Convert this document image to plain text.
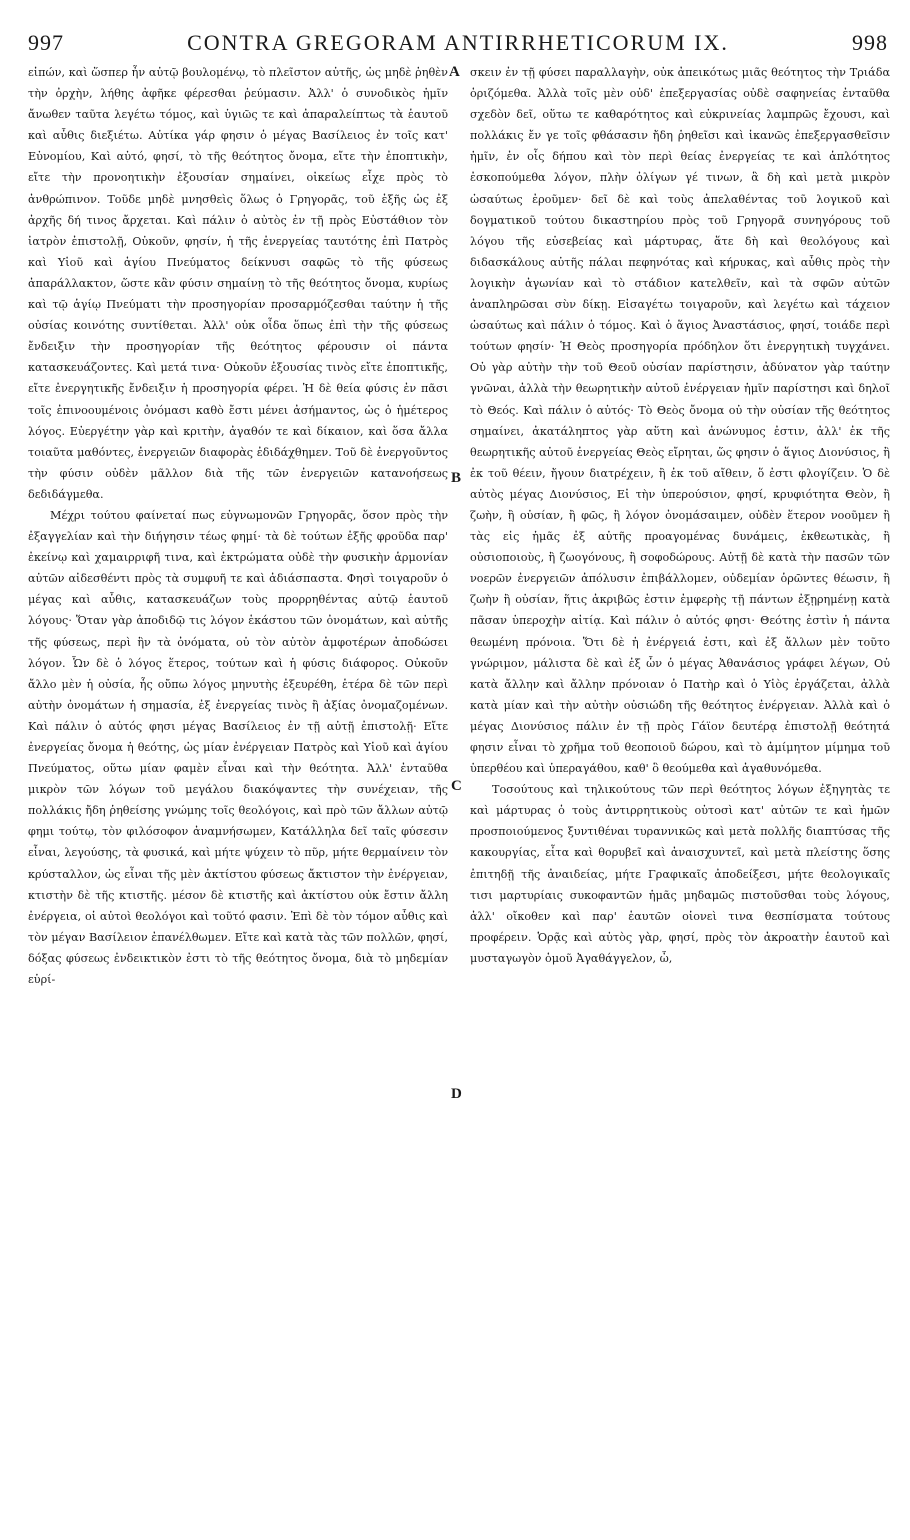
997	CONTRA GREGORAM ANTIRRHETICORUM IX.	998

εἰπών, καὶ ὥσπερ ἦν αὐτῷ βουλομένῳ, τὸ πλεῖστον αὐτῆς, ὡς μηδὲ ῥηθὲν τὴν ὀρχὴν, λήθης ἀφῆκε φέρεσθαι ῥεύμασιν. Ἀλλ' ὁ συνοδικὸς ἡμῖν ἄνωθεν ταῦτα λεγέτω τόμος, καὶ ὑγιῶς τε καὶ ἀπαραλείπτως τὰ ἑαυτοῦ καὶ αὖθις διεξιέτω. Αὐτίκα γάρ φησιν ὁ μέγας Βασίλειος ἐν τοῖς κατ' Εὐνομίου, Καὶ αὐτό, φησί, τὸ τῆς θεότητος ὄνομα, εἴτε τὴν ἐποπτικὴν, εἴτε τὴν προνοητικὴν ἐξουσίαν σημαίνει, οἰκείως εἶχε πρὸς τὸ ἀνθρώπινον. Τοῦδε μηδὲ μνησθεὶς ὅλως ὁ Γρηγορᾶς, τοῦ ἑξῆς ὡς ἐξ ἀρχῆς δή τινος ἄρχεται. Καὶ πάλιν ὁ αὐτὸς ἐν τῇ πρὸς Εὐστάθιον τὸν ἰατρὸν ἐπιστολῇ, Οὐκοῦν, φησίν, ἡ τῆς ἐνεργείας ταυτότης ἐπὶ Πατρὸς καὶ Υἱοῦ καὶ ἁγίου Πνεύματος δείκνυσι σαφῶς τὸ τῆς φύσεως ἀπαράλλακτον, ὥστε κἂν φύσιν σημαίνῃ τὸ τῆς θεότητος ὄνομα, κυρίως καὶ τῷ ἁγίῳ Πνεύματι τὴν προσηγορίαν προσαρμόζεσθαι ταύτην ἡ τῆς οὐσίας κοινότης συντίθεται. Ἀλλ' οὐκ οἶδα ὅπως ἐπὶ τὴν τῆς φύσεως ἔνδειξιν τὴν προσηγορίαν τῆς θεότητος φέρουσιν οἱ πάντα κατασκευάζοντες. Καὶ μετά τινα· Οὐκοῦν ἐξουσίας τινὸς εἴτε ἐποπτικῆς, εἴτε ἐνεργητικῆς ἔνδειξιν ἡ προσηγορία φέρει. Ἡ δὲ θεία φύσις ἐν πᾶσι τοῖς ἐπινοουμένοις ὀνόμασι καθὸ ἔστι μένει ἀσήμαντος, ὡς ὁ ἡμέτερος λόγος. Εὐεργέτην γὰρ καὶ κριτὴν, ἀγαθόν τε καὶ δίκαιον, καὶ ὅσα ἄλλα τοιαῦτα μαθόντες, ἐνεργειῶν διαφορὰς ἐδιδάχθημεν. Τοῦ δὲ ἐνεργοῦντος τὴν φύσιν οὐδὲν μᾶλλον διὰ τῆς τῶν ἐνεργειῶν κατανοήσεως δεδιδάγμεθα.

Μέχρι τούτου φαίνεταί πως εὐγνωμονῶν Γρηγορᾶς, ὅσον πρὸς τὴν ἐξαγγελίαν καὶ τὴν διήγησιν τέως φημί· τὰ δὲ τούτων ἑξῆς φροῦδα παρ' ἐκείνῳ καὶ χαμαιρριφῆ τινα, καὶ ἐκτρώματα οὐδὲ τὴν φυσικὴν ἁρμονίαν αὐτῶν αἰδεσθέντι πρὸς τὰ συμφυῆ τε καὶ ἀδιάσπαστα. Φησὶ τοιγαροῦν ὁ μέγας καὶ αὖθις, κατασκευάζων τοὺς προρρηθέντας αὐτῷ ἑαυτοῦ λόγους· Ὅταν γὰρ ἀποδιδῷ τις λόγον ἑκάστου τῶν ὀνομάτων, καὶ αὐτῆς τῆς φύσεως, περὶ ἣν τὰ ὀνόματα, οὐ τὸν αὐτὸν ἀμφοτέρων ἀποδώσει λόγον. Ὧν δὲ ὁ λόγος ἕτερος, τούτων καὶ ἡ φύσις διάφορος. Οὐκοῦν ἄλλο μὲν ἡ οὐσία, ἧς οὔπω λόγος μηνυτὴς ἐξευρέθη, ἑτέρα δὲ τῶν περὶ αὐτὴν ὀνομάτων ἡ σημασία, ἐξ ἐνεργείας τινὸς ἢ ἀξίας ὀνομαζομένων. Καὶ πάλιν ὁ αὐτός φησι μέγας Βασίλειος ἐν τῇ αὐτῇ ἐπιστολῇ· Εἴτε ἐνεργείας ὄνομα ἡ θεότης, ὡς μίαν ἐνέργειαν Πατρὸς καὶ Υἱοῦ καὶ ἁγίου Πνεύματος, οὕτω μίαν φαμὲν εἶναι καὶ τὴν θεότητα. Ἀλλ' ἐνταῦθα μικρὸν τῶν λόγων τοῦ μεγάλου διακόψαντες τὴν συνέχειαν, τῆς πολλάκις ἤδη ῥηθείσης γνώμης τοῖς θεολόγοις, καὶ πρὸ τῶν ἄλλων αὐτῷ φημι τούτῳ, τὸν φιλόσοφον ἀναμνήσωμεν, Κατάλληλα δεῖ ταῖς φύσεσιν εἶναι, λεγούσης, τὰ φυσικά, καὶ μήτε ψύχειν τὸ πῦρ, μήτε θερμαίνειν τὸν κρύσταλλον, ὡς εἶναι τῆς μὲν ἀκτίστου φύσεως ἄκτιστον τὴν ἐνέργειαν, κτιστὴν δὲ τῆς κτιστῆς. μέσον δὲ κτιστῆς καὶ ἀκτίστου οὐκ ἔστιν ἄλλη ἐνέργεια, οἱ αὐτοὶ θεολόγοι καὶ τοῦτό φασιν. Ἐπὶ δὲ τὸν τόμον αὖθις καὶ τὸν μέγαν Βασίλειον ἐπανέλθωμεν. Εἴτε καὶ κατὰ τὰς τῶν πολλῶν, φησί, δόξας φύσεως ἐνδεικτικὸν ἐστι τὸ τῆς θεότητος ὄνομα, διὰ τὸ μηδεμίαν εὑρί-

σκειν ἐν τῇ φύσει παραλλαγὴν, οὐκ ἀπεικότως μιᾶς θεότητος τὴν Τριάδα ὁριζόμεθα. Ἀλλὰ τοῖς μὲν οὐδ' ἐπεξεργασίας οὐδὲ σαφηνείας ἐνταῦθα σχεδὸν δεῖ, οὕτω τε καθαρότητος καὶ εὐκρινείας λαμπρῶς ἔχουσι, καὶ πολλάκις ἔν γε τοῖς φθάσασιν ἤδη ῥηθεῖσι καὶ ἱκανῶς ἐπεξεργασθεῖσιν ἡμῖν, ἐν οἷς δήπου καὶ τὸν περὶ θείας ἐνεργείας τε καὶ ἁπλότητος ἐσκοπούμεθα λόγον, πλὴν ὀλίγων γέ τινων, ἃ δὴ καὶ μετὰ μικρὸν ὡσαύτως ἐροῦμεν· δεῖ δὲ καὶ τοὺς ἀπελαθέντας τοῦ λογικοῦ καὶ δογματικοῦ τούτου δικαστηρίου πρὸς τοῦ Γρηγορᾶ συνηγόρους τοῦ λόγου τῆς εὐσεβείας καὶ μάρτυρας, ἅτε δὴ καὶ θεολόγους καὶ διδασκάλους αὐτῆς πάλαι πεφηνότας καὶ κήρυκας, καὶ αὖθις πρὸς τὴν λογικὴν ἀγωνίαν καὶ τὸ στάδιον κατελθεῖν, καὶ τὰ σφῶν αὐτῶν ἀναπληρῶσαι σὺν δίκῃ. Εἰσαγέτω τοιγαροῦν, καὶ λεγέτω καὶ τάχειον ὡσαύτως καὶ πάλιν ὁ τόμος. Καὶ ὁ ἅγιος Ἀναστάσιος, φησί, τοιάδε περὶ τούτων φησίν· Ἡ Θεὸς προσηγορία πρόδηλον ὅτι ἐνεργητικὴ τυγχάνει. Οὐ γὰρ αὐτὴν τὴν τοῦ Θεοῦ οὐσίαν παρίστησιν, ἀδύνατον γὰρ ταύτην γνῶναι, ἀλλὰ τὴν θεωρητικὴν αὐτοῦ ἐνέργειαν ἡμῖν παρίστησι καὶ δηλοῖ τὸ Θεός. Καὶ πάλιν ὁ αὐτός· Τὸ Θεὸς ὄνομα οὐ τὴν οὐσίαν τῆς θεότητος σημαίνει, ἀκατάληπτος γὰρ αὕτη καὶ ἀνώνυμος ἐστιν, ἀλλ' ἐκ τῆς θεωρητικῆς αὐτοῦ ἐνεργείας Θεὸς εἴρηται, ὥς φησιν ὁ ἅγιος Διονύσιος, ἢ ἐκ τοῦ θέειν, ἤγουν διατρέχειν, ἢ ἐκ τοῦ αἴθειν, ὅ ἐστι φλογίζειν. Ὁ δὲ αὐτὸς μέγας Διονύσιος, Εἰ τὴν ὑπερούσιον, φησί, κρυφιότητα Θεὸν, ἢ ζωὴν, ἢ οὐσίαν, ἢ φῶς, ἢ λόγον ὀνομάσαιμεν, οὐδὲν ἕτερον νοοῦμεν ἢ τὰς εἰς ἡμᾶς ἐξ αὐτῆς προαγομένας δυνάμεις, ἐκθεωτικὰς, ἢ οὐσιοποιοὺς, ἢ ζωογόνους, ἢ σοφοδώρους. Αὐτῇ δὲ κατὰ τὴν πασῶν τῶν νοερῶν ἐνεργειῶν ἀπόλυσιν ἐπιβάλλομεν, οὐδεμίαν ὁρῶντες θέωσιν, ἢ ζωὴν ἢ οὐσίαν, ἥτις ἀκριβῶς ἐστιν ἐμφερὴς τῇ πάντων ἐξῃρημένῃ κατὰ πᾶσαν ὑπεροχὴν αἰτίᾳ. Καὶ πάλιν ὁ αὐτός φησι· Θεότης ἐστὶν ἡ πάντα θεωμένη πρόνοια. Ὅτι δὲ ἡ ἐνέργειά ἐστι, καὶ ἐξ ἄλλων μὲν τοῦτο γνώριμον, μάλιστα δὲ καὶ ἐξ ὧν ὁ μέγας Ἀθανάσιος γράφει λέγων, Οὐ κατὰ ἄλλην καὶ ἄλλην πρόνοιαν ὁ Πατὴρ καὶ ὁ Υἱὸς ἐργάζεται, ἀλλὰ κατὰ μίαν καὶ τὴν αὐτὴν οὐσιώδη τῆς θεότητος ἐνέργειαν. Ἀλλὰ καὶ ὁ μέγας Διονύσιος πάλιν ἐν τῇ πρὸς Γάϊον δευτέρᾳ ἐπιστολῇ θεότητά φησιν εἶναι τὸ χρῆμα τοῦ θεοποιοῦ δώρου, καὶ τὸ ἀμίμητον μίμημα τοῦ ὑπερθέου καὶ ὑπεραγάθου, καθ' ὃ θεούμεθα καὶ ἀγαθυνόμεθα.

Τοσούτους καὶ τηλικούτους τῶν περὶ θεότητος λόγων ἐξηγητὰς τε καὶ μάρτυρας ὁ τοὺς ἀντιρρητικοὺς οὑτοσὶ κατ' αὐτῶν τε καὶ ἡμῶν προσποιούμενος ξυντιθέναι τυραννικῶς καὶ μετὰ πολλῆς διαπτύσας τῆς κακουργίας, εἶτα καὶ θορυβεῖ καὶ ἀναισχυντεῖ, καὶ μετὰ πλείστης ὅσης ἐπιτηδῇ τῆς ἀναιδείας, μήτε Γραφικαῖς ἀποδείξεσι, μήτε θεολογικαῖς τισι μαρτυρίαις συκοφαντῶν ἡμᾶς μηδαμῶς πιστοῦσθαι τοὺς λόγους, ἀλλ' οἴκοθεν καὶ παρ' ἑαυτῶν οἱονεὶ τινα θεσπίσματα τούτους προφέρειν. Ὁρᾷς καὶ αὐτὸς γὰρ, φησί, πρὸς τὸν ἀκροατὴν ἑαυτοῦ καὶ μυσταγωγὸν ὁμοῦ Ἀγαθάγγελον, ὦ,

A
B
C
D
